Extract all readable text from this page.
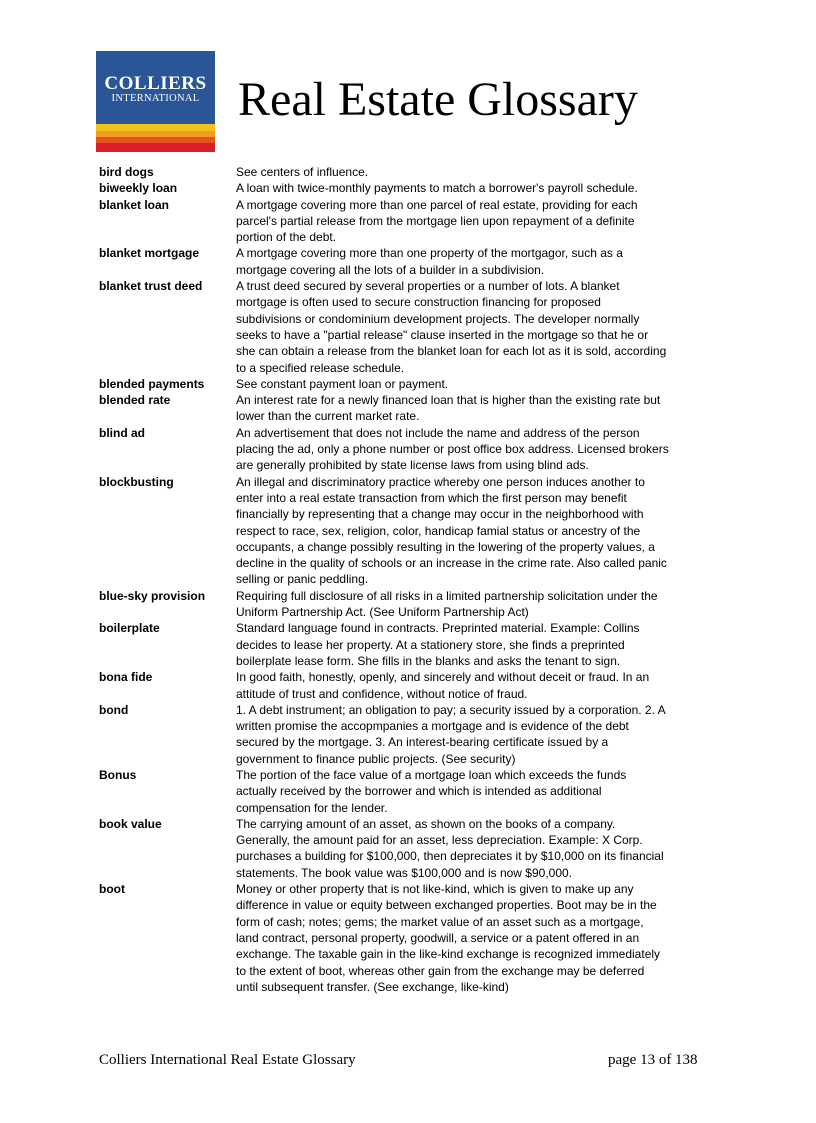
COLLIERS
INTERNATIONAL Real Estate Glossary
bird dogs	See centers of influence.
biweekly loan	A loan with twice-monthly payments to match a borrower's payroll schedule.
blanket loan	A mortgage covering more than one parcel of real estate, providing for each
parcel's partial release from the mortgage lien upon repayment of a definite
portion of the debt.
blanket mortgage	A mortgage covering more than one property of the mortgagor, such as a
mortgage covering all the lots of a builder in a subdivision.
blanket trust deed	A trust deed secured by several properties or a number of lots. A blanket
mortgage is often used to secure construction financing for proposed
subdivisions or condominium development projects. The developer normally
seeks to have a "partial release" clause inserted in the mortgage so that he or
she can obtain a release from the blanket loan for each lot as it is sold, according
to a specified release schedule.
blended payments	See constant payment loan or payment.
blended rate	An interest rate for a newly financed loan that is higher than the existing rate but
lower than the current market rate.
blind ad	An advertisement that does not include the name and address of the person
placing the ad, only a phone number or post office box address. Licensed brokers
are generally prohibited by state license laws from using blind ads.
blockbusting	An illegal and discriminatory practice whereby one person induces another to
enter into a real estate transaction from which the first person may benefit
financially by representing that a change may occur in the neighborhood with
respect to race, sex, religion, color, handicap famial status or ancestry of the
occupants, a change possibly resulting in the lowering of the property values, a
decline in the quality of schools or an increase in the crime rate. Also called panic
selling or panic peddling.
blue-sky provision	Requiring full disclosure of all risks in a limited partnership solicitation under the
Uniform Partnership Act. (See Uniform Partnership Act)
boilerplate	Standard language found in contracts. Preprinted material. Example: Collins
decides to lease her property. At a stationery store, she finds a preprinted
boilerplate lease form. She fills in the blanks and asks the tenant to sign.
bona fide	In good faith, honestly, openly, and sincerely and without deceit or fraud. In an
attitude of trust and confidence, without notice of fraud.
bond	1. A debt instrument; an obligation to pay; a security issued by a corporation. 2. A
written promise the accopmpanies a mortgage and is evidence of the debt
secured by the mortgage. 3. An interest-bearing certificate issued by a
government to finance public projects. (See security)
Bonus	The portion of the face value of a mortgage loan which exceeds the funds
actually received by the borrower and which is intended as additional
compensation for the lender.
book value	The carrying amount of an asset, as shown on the books of a company.
Generally, the amount paid for an asset, less depreciation. Example: X Corp.
purchases a building for $100,000, then depreciates it by $10,000 on its financial
statements. The book value was $100,000 and is now $90,000.
boot	Money or other property that is not like-kind, which is given to make up any
difference in value or equity between exchanged properties. Boot may be in the
form of cash; notes; gems; the market value of an asset such as a mortgage,
land contract, personal property, goodwill, a service or a patent offered in an
exchange. The taxable gain in the like-kind exchange is recognized immediately
to the extent of boot, whereas other gain from the exchange may be deferred
until subsequent transfer. (See exchange, like-kind)
Colliers International Real Estate Glossary	page 13 of 138
